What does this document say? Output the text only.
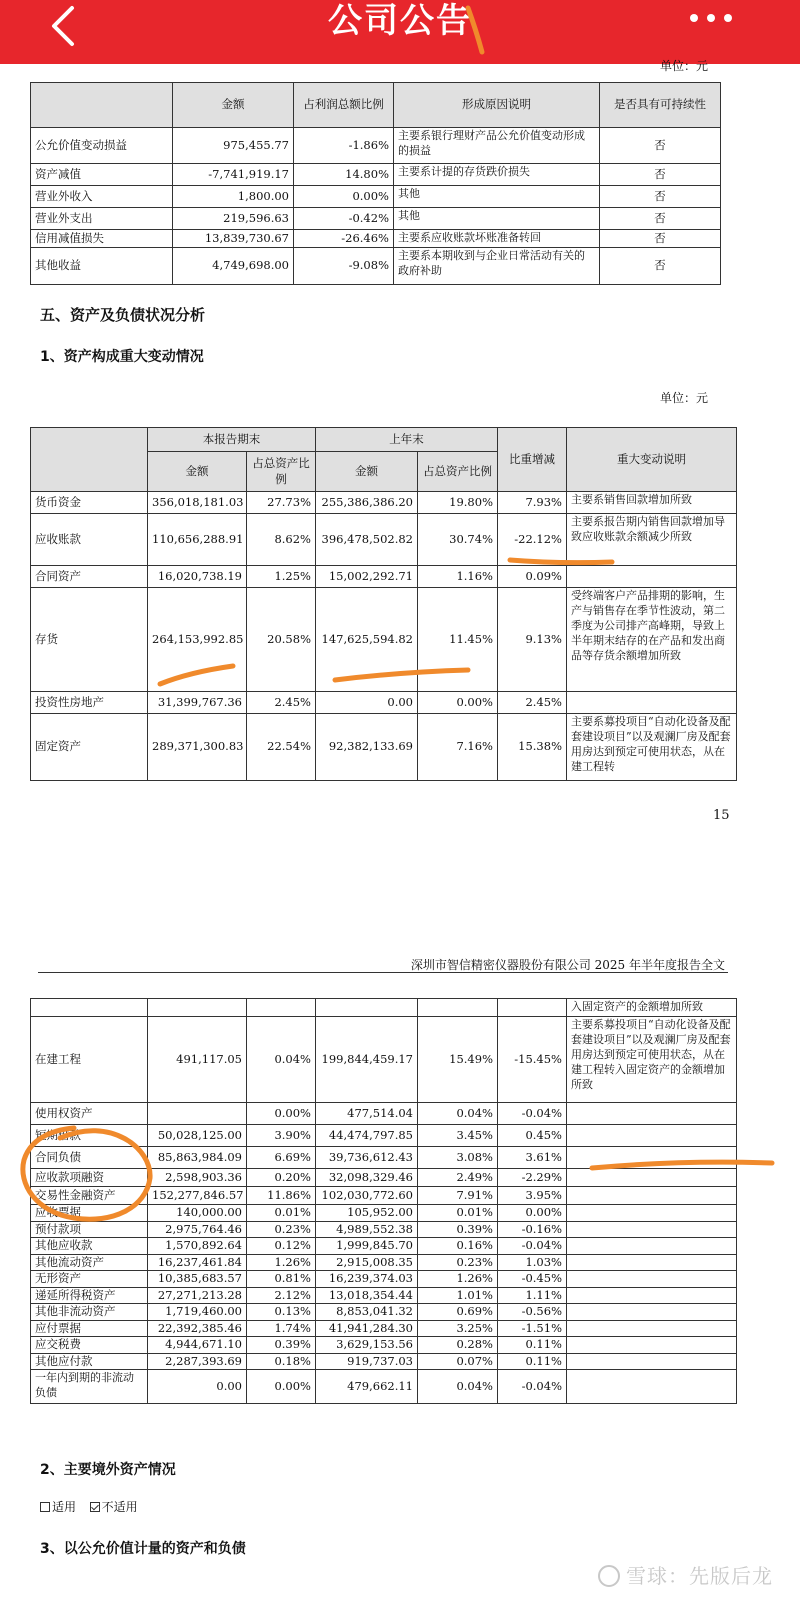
公司公告
单位：元
	金额	占利润总额比例	形成原因说明	是否具有可持续性
公允价值变动损益	975,455.77	-1.86%	主要系银行理财产品公允价值变动形成的损益	否
资产减值	-7,741,919.17	14.80%	主要系计提的存货跌价损失	否
营业外收入	1,800.00	0.00%	其他	否
营业外支出	219,596.63	-0.42%	其他	否
信用减值损失	13,839,730.67	-26.46%	主要系应收账款坏账准备转回	否
其他收益	4,749,698.00	-9.08%	主要系本期收到与企业日常活动有关的政府补助	否
五、资产及负债状况分析
1、资产构成重大变动情况
单位：元
	本报告期末		上年末		比重增减	重大变动说明
	金额	占总资产比例	金额	占总资产比例		
货币资金	356,018,181.03	27.73%	255,386,386.20	19.80%	7.93%	主要系销售回款增加所致
应收账款	110,656,288.91	8.62%	396,478,502.82	30.74%	-22.12%	主要系报告期内销售回款增加导致应收账款余额减少所致
合同资产	16,020,738.19	1.25%	15,002,292.71	1.16%	0.09%	
存货	264,153,992.85	20.58%	147,625,594.82	11.45%	9.13%	受终端客户产品排期的影响，生产与销售存在季节性波动，第二季度为公司排产高峰期，导致上半年期末结存的在产品和发出商品等存货余额增加所致
投资性房地产	31,399,767.36	2.45%	0.00	0.00%	2.45%	
固定资产	289,371,300.83	22.54%	92,382,133.69	7.16%	15.38%	主要系募投项目“自动化设备及配套建设项目”以及观澜厂房及配套用房达到预定可使用状态，从在建工程转
15
深圳市智信精密仪器股份有限公司 2025 年半年度报告全文
						入固定资产的金额增加所致
在建工程	491,117.05	0.04%	199,844,459.17	15.49%	-15.45%	主要系募投项目“自动化设备及配套建设项目”以及观澜厂房及配套用房达到预定可使用状态，从在建工程转入固定资产的金额增加所致
使用权资产		0.00%	477,514.04	0.04%	-0.04%	
短期借款	50,028,125.00	3.90%	44,474,797.85	3.45%	0.45%	
合同负债	85,863,984.09	6.69%	39,736,612.43	3.08%	3.61%	
应收款项融资	2,598,903.36	0.20%	32,098,329.46	2.49%	-2.29%	
交易性金融资产	152,277,846.57	11.86%	102,030,772.60	7.91%	3.95%	
应收票据	140,000.00	0.01%	105,952.00	0.01%	0.00%	
预付款项	2,975,764.46	0.23%	4,989,552.38	0.39%	-0.16%	
其他应收款	1,570,892.64	0.12%	1,999,845.70	0.16%	-0.04%	
其他流动资产	16,237,461.84	1.26%	2,915,008.35	0.23%	1.03%	
无形资产	10,385,683.57	0.81%	16,239,374.03	1.26%	-0.45%	
递延所得税资产	27,271,213.28	2.12%	13,018,354.44	1.01%	1.11%	
其他非流动资产	1,719,460.00	0.13%	8,853,041.32	0.69%	-0.56%	
应付票据	22,392,385.46	1.74%	41,941,284.30	3.25%	-1.51%	
应交税费	4,944,671.10	0.39%	3,629,153.56	0.28%	0.11%	
其他应付款	2,287,393.69	0.18%	919,737.03	0.07%	0.11%	
一年内到期的非流动负债	0.00	0.00%	479,662.11	0.04%	-0.04%	
2、主要境外资产情况
适用 不适用
3、以公允价值计量的资产和负债
雪球：先版后龙
